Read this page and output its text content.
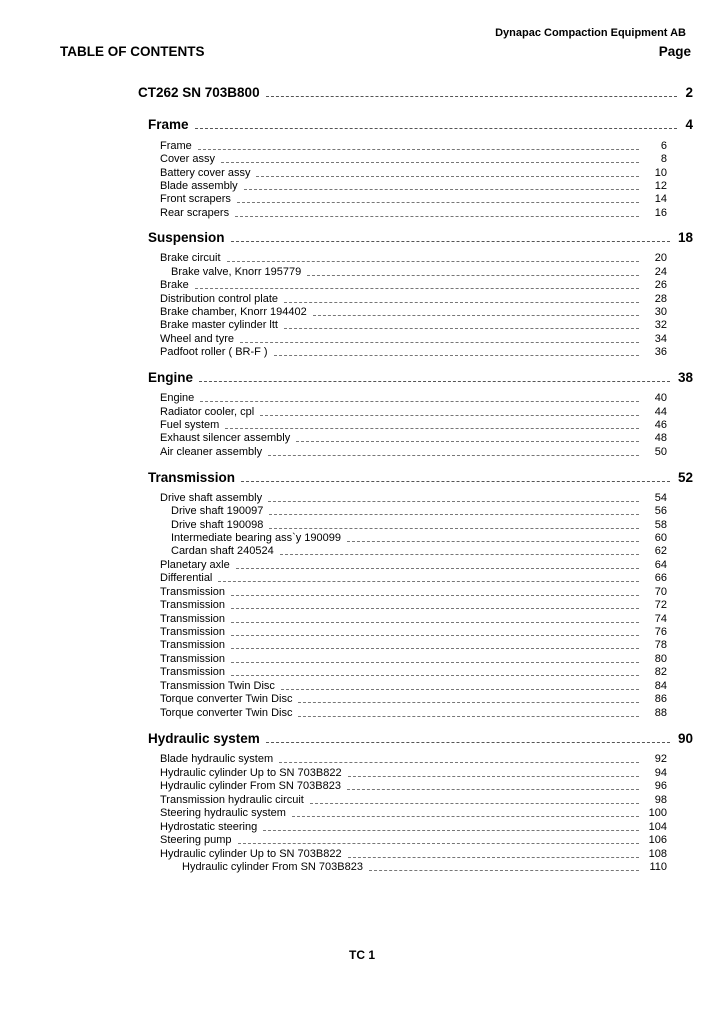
Dynapac Compaction Equipment AB
TABLE OF CONTENTS	Page
CT262 SN 703B800	2
Frame	4
Frame	6
Cover assy	8
Battery cover assy	10
Blade assembly	12
Front scrapers	14
Rear scrapers	16
Suspension	18
Brake circuit	20
Brake valve, Knorr 195779	24
Brake	26
Distribution control plate	28
Brake chamber, Knorr 194402	30
Brake master cylinder ltt	32
Wheel and tyre	34
Padfoot roller ( BR-F )	36
Engine	38
Engine	40
Radiator cooler, cpl	44
Fuel system	46
Exhaust silencer assembly	48
Air cleaner assembly	50
Transmission	52
Drive shaft assembly	54
Drive shaft 190097	56
Drive shaft 190098	58
Intermediate bearing ass`y 190099	60
Cardan shaft 240524	62
Planetary axle	64
Differential	66
Transmission	70
Transmission	72
Transmission	74
Transmission	76
Transmission	78
Transmission	80
Transmission	82
Transmission Twin Disc	84
Torque converter Twin Disc	86
Torque converter Twin Disc	88
Hydraulic system	90
Blade hydraulic system	92
Hydraulic cylinder Up to SN 703B822	94
Hydraulic cylinder From SN 703B823	96
Transmission hydraulic circuit	98
Steering hydraulic system	100
Hydrostatic steering	104
Steering pump	106
Hydraulic cylinder Up to SN 703B822	108
Hydraulic cylinder From SN 703B823	110
TC 1
